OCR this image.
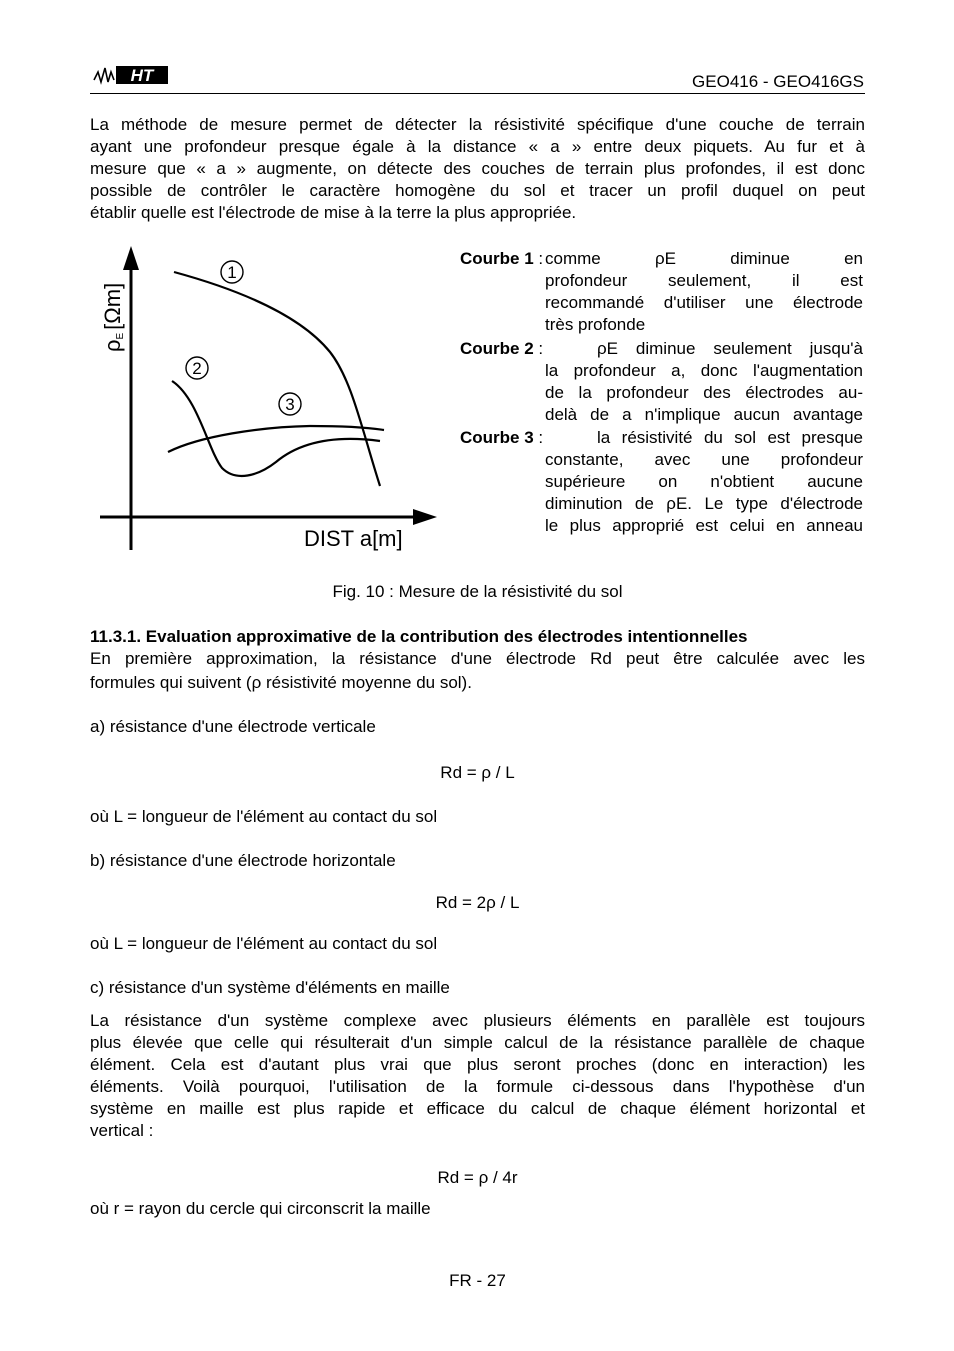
HT	GEO416 - GEO416GS
La méthode de mesure permet de détecter la résistivité spécifique d'une couche de terrain
ayant une profondeur presque égale à la distance « a » entre deux piquets. Au fur et à
mesure que « a » augmente, on détecte des couches de terrain plus profondes, il est donc
possible de contrôler le caractère homogène du sol et tracer un profil duquel on peut
établir quelle est l'électrode de mise à la terre la plus appropriée.
1
2
3
ρE[Ωm]
DIST a[m]
Courbe 1 : comme ρE diminue en
profondeur seulement, il est
recommandé d'utiliser une électrode
très profonde
Courbe 2 :	ρE diminue seulement jusqu'à
la profondeur a, donc l'augmentation
de la profondeur des électrodes au-
delà de a n'implique aucun avantage
Courbe 3 :	la résistivité du sol est presque
constante, avec une profondeur
supérieure on n'obtient aucune
diminution de ρE. Le type d'électrode
le plus approprié est celui en anneau
Fig. 10 : Mesure de la résistivité du sol
11.3.1. Evaluation approximative de la contribution des électrodes intentionnelles
En première approximation, la résistance d'une électrode Rd peut être calculée avec les
formules qui suivent (ρ résistivité moyenne du sol).
a) résistance d'une électrode verticale
Rd = ρ / L
où L = longueur de l'élément au contact du sol
b) résistance d'une électrode horizontale
Rd = 2ρ / L
où L = longueur de l'élément au contact du sol
c) résistance d'un système d'éléments en maille
La résistance d'un système complexe avec plusieurs éléments en parallèle est toujours
plus élevée que celle qui résulterait d'un simple calcul de la résistance parallèle de chaque
élément. Cela est d'autant plus vrai que plus seront proches (donc en interaction) les
éléments. Voilà pourquoi, l'utilisation de la formule ci-dessous dans l'hypothèse d'un
système en maille est plus rapide et efficace du calcul de chaque élément horizontal et
vertical :
Rd = ρ / 4r
où r = rayon du cercle qui circonscrit la maille
FR - 27
